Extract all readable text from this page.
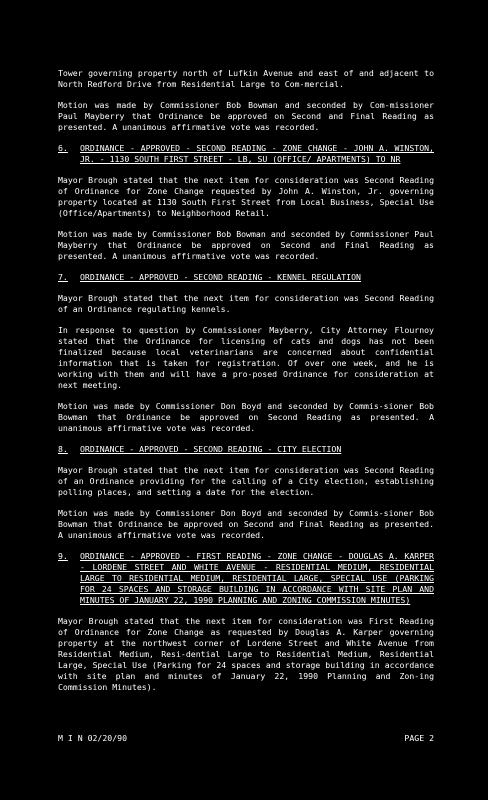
Tower governing property north of Lufkin Avenue and east of and adjacent to North Redford Drive from Residential Large to Com-mercial.

Motion was made by Commissioner Bob Bowman and seconded by Com-missioner Paul Mayberry that Ordinance be approved on Second and Final Reading as presented. A unanimous affirmative vote was recorded.

6.	ORDINANCE - APPROVED - SECOND READING - ZONE CHANGE - JOHN A. WINSTON, JR. - 1130 SOUTH FIRST STREET - LB, SU (OFFICE/ APARTMENTS) TO NR

Mayor Brough stated that the next item for consideration was Second Reading of Ordinance for Zone Change requested by John A. Winston, Jr. governing property located at 1130 South First Street from Local Business, Special Use (Office/Apartments) to Neighborhood Retail.

Motion was made by Commissioner Bob Bowman and seconded by Commissioner Paul Mayberry that Ordinance be approved on Second and Final Reading as presented. A unanimous affirmative vote was recorded.

7.	ORDINANCE - APPROVED - SECOND READING - KENNEL REGULATION

Mayor Brough stated that the next item for consideration was Second Reading of an Ordinance regulating kennels.

In response to question by Commissioner Mayberry, City Attorney Flournoy stated that the Ordinance for licensing of cats and dogs has not been finalized because local veterinarians are concerned about confidential information that is taken for registration. Of over one week, and he is working with them and will have a pro-posed Ordinance for consideration at next meeting.

Motion was made by Commissioner Don Boyd and seconded by Commis-sioner Bob Bowman that Ordinance be approved on Second Reading as presented. A unanimous affirmative vote was recorded.

8.	ORDINANCE - APPROVED - SECOND READING - CITY ELECTION

Mayor Brough stated that the next item for consideration was Second Reading of an Ordinance providing for the calling of a City election, establishing polling places, and setting a date for the election.

Motion was made by Commissioner Don Boyd and seconded by Commis-sioner Bob Bowman that Ordinance be approved on Second and Final Reading as presented. A unanimous affirmative vote was recorded.

9.	ORDINANCE - APPROVED - FIRST READING - ZONE CHANGE - DOUGLAS A. KARPER - LORDENE STREET AND WHITE AVENUE - RESIDENTIAL MEDIUM, RESIDENTIAL LARGE TO RESIDENTIAL MEDIUM, RESIDENTIAL LARGE, SPECIAL USE (PARKING FOR 24 SPACES AND STORAGE BUILDING IN ACCORDANCE WITH SITE PLAN AND MINUTES OF JANUARY 22, 1990 PLANNING AND ZONING COMMISSION MINUTES)

Mayor Brough stated that the next item for consideration was First Reading of Ordinance for Zone Change as requested by Douglas A. Karper governing property at the northwest corner of Lordene Street and White Avenue from Residential Medium, Resi-dential Large to Residential Medium, Residential Large, Special Use (Parking for 24 spaces and storage building in accordance with site plan and minutes of January 22, 1990 Planning and Zon-ing Commission Minutes).

M I N 02/20/90	PAGE 2
